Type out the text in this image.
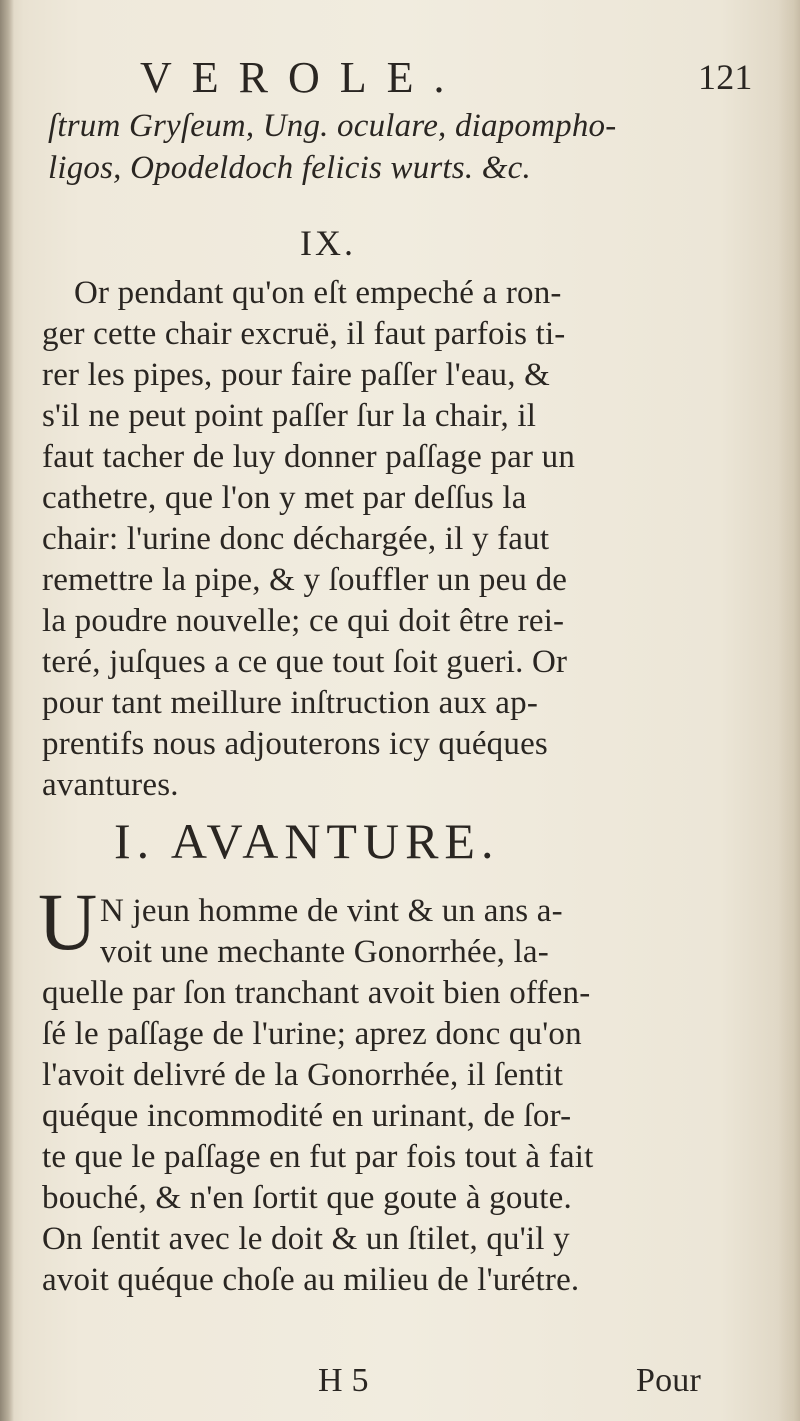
VEROLE.	121
ſtrum Gryſeum, Ung. oculare, diapompho-
ligos, Opodeldoch felicis wurts. &c.
IX.
Or pendant qu'on eſt empeché a ron-
ger cette chair excruë, il faut parfois ti-
rer les pipes, pour faire paſſer l'eau, &
s'il ne peut point paſſer ſur la chair, il
faut tacher de luy donner paſſage par un
cathetre, que l'on y met par deſſus la
chair: l'urine donc déchargée, il y faut
remettre la pipe, & y ſouffler un peu de
la poudre nouvelle; ce qui doit être rei-
teré, juſques a ce que tout ſoit gueri. Or
pour tant meillure inſtruction aux ap-
prentifs nous adjouterons icy quéques
avantures.
I. AVANTURE.
U N jeun homme de vint & un ans a-
voit une mechante Gonorrhée, la-
quelle par ſon tranchant avoit bien offen-
ſé le paſſage de l'urine; aprez donc qu'on
l'avoit delivré de la Gonorrhée, il ſentit
quéque incommodité en urinant, de ſor-
te que le paſſage en fut par fois tout à fait
bouché, & n'en ſortit que goute à goute.
On ſentit avec le doit & un ſtilet, qu'il y
avoit quéque choſe au milieu de l'urétre.
H 5	Pour
